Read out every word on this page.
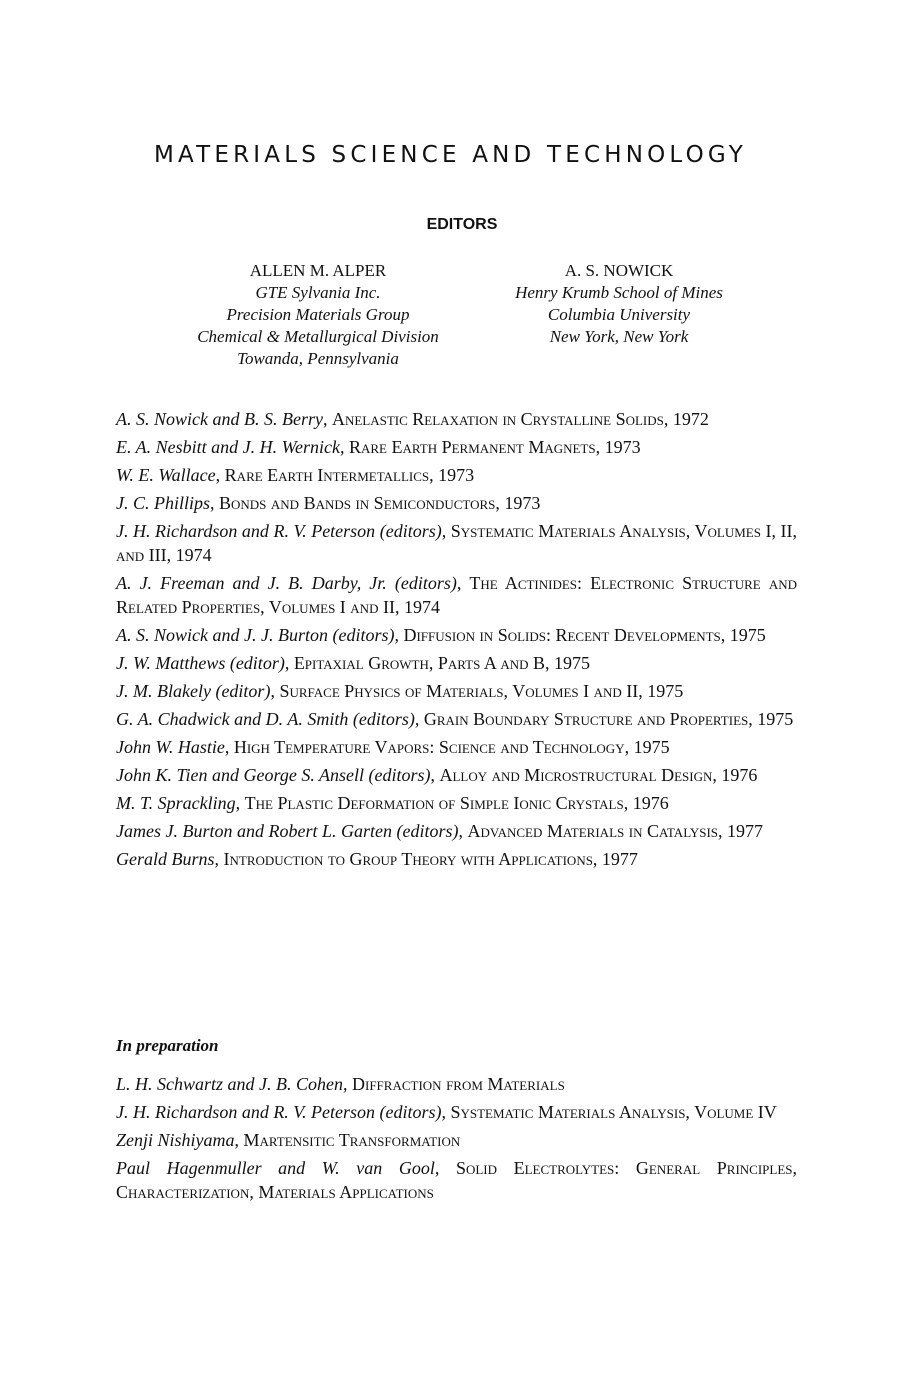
MATERIALS SCIENCE AND TECHNOLOGY
EDITORS
ALLEN M. ALPER
GTE Sylvania Inc.
Precision Materials Group
Chemical & Metallurgical Division
Towanda, Pennsylvania
A. S. NOWICK
Henry Krumb School of Mines
Columbia University
New York, New York
A. S. Nowick and B. S. Berry, Anelastic Relaxation in Crystalline Solids, 1972
E. A. Nesbitt and J. H. Wernick, Rare Earth Permanent Magnets, 1973
W. E. Wallace, Rare Earth Intermetallics, 1973
J. C. Phillips, Bonds and Bands in Semiconductors, 1973
J. H. Richardson and R. V. Peterson (editors), Systematic Materials Analysis, Volumes I, II, and III, 1974
A. J. Freeman and J. B. Darby, Jr. (editors), The Actinides: Electronic Structure and Related Properties, Volumes I and II, 1974
A. S. Nowick and J. J. Burton (editors), Diffusion in Solids: Recent Developments, 1975
J. W. Matthews (editor), Epitaxial Growth, Parts A and B, 1975
J. M. Blakely (editor), Surface Physics of Materials, Volumes I and II, 1975
G. A. Chadwick and D. A. Smith (editors), Grain Boundary Structure and Properties, 1975
John W. Hastie, High Temperature Vapors: Science and Technology, 1975
John K. Tien and George S. Ansell (editors), Alloy and Microstructural Design, 1976
M. T. Sprackling, The Plastic Deformation of Simple Ionic Crystals, 1976
James J. Burton and Robert L. Garten (editors), Advanced Materials in Catalysis, 1977
Gerald Burns, Introduction to Group Theory with Applications, 1977
In preparation
L. H. Schwartz and J. B. Cohen, Diffraction from Materials
J. H. Richardson and R. V. Peterson (editors), Systematic Materials Analysis, Volume IV
Zenji Nishiyama, Martensitic Transformation
Paul Hagenmuller and W. van Gool, Solid Electrolytes: General Principles, Characterization, Materials Applications
